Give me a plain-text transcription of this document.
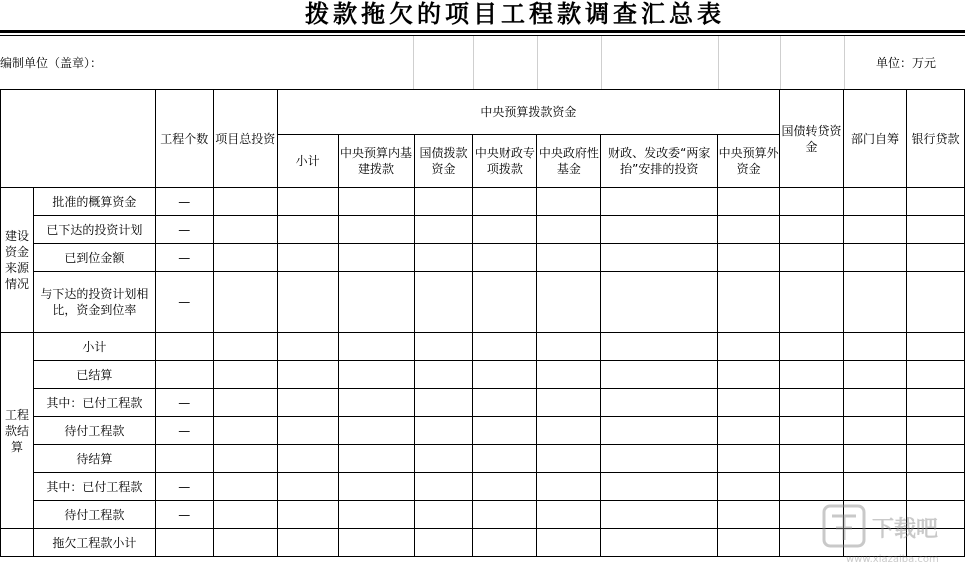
拨款拖欠的项目工程款调查汇总表
编制单位（盖章）：	单位：万元
		工程个数	项目总投资	中央预算拨款资金							国债转贷资金	部门自筹	银行贷款
				小计	中央预算内基建拨款	国债拨款资金	中央财政专项拨款	中央政府性基金	财政、发改委“两家抬”安排的投资	中央预算外资金			
建设资金来源情况	批准的概算资金	—											
	已下达的投资计划	—											
	已到位金额	—											
	与下达的投资计划相比，资金到位率	—											
工程款结算	小计												
	已结算												
	其中：已付工程款	—											
	待付工程款	—											
	待结算												
	其中：已付工程款	—											
	待付工程款	—											
	拖欠工程款小计												
下载吧
www.xiazaiba.com
